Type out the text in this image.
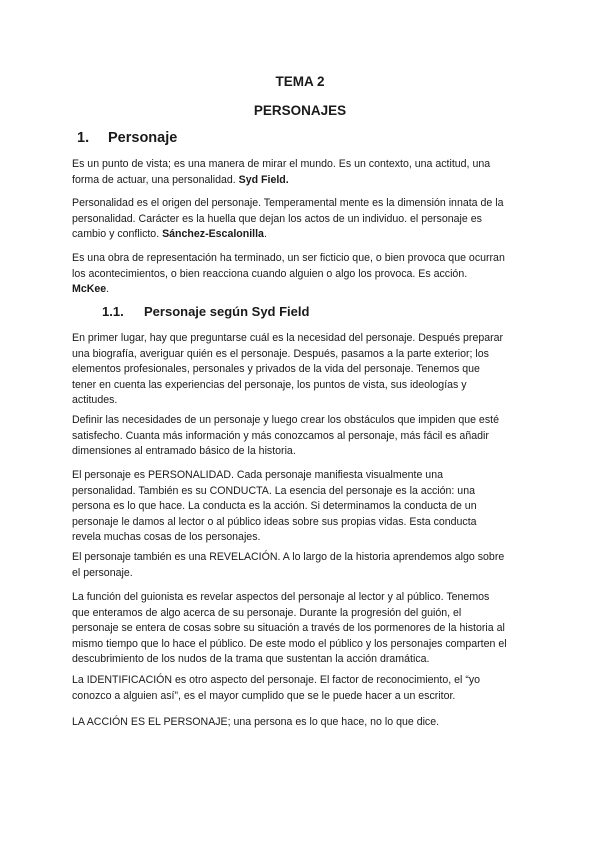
TEMA 2
PERSONAJES
1. Personaje
Es un punto de vista; es una manera de mirar el mundo. Es un contexto, una actitud, una
forma de actuar, una personalidad. Syd Field.
Personalidad es el origen del personaje. Temperamental mente es la dimensión innata de la
personalidad. Carácter es la huella que dejan los actos de un individuo. el personaje es
cambio y conflicto. Sánchez-Escalonilla.
Es una obra de representación ha terminado, un ser ficticio que, o bien provoca que ocurran
los acontecimientos, o bien reacciona cuando alguien o algo los provoca. Es acción.
McKee.
1.1. Personaje según Syd Field
En primer lugar, hay que preguntarse cuál es la necesidad del personaje. Después preparar
una biografía, averiguar quién es el personaje. Después, pasamos a la parte exterior; los
elementos profesionales, personales y privados de la vida del personaje. Tenemos que
tener en cuenta las experiencias del personaje, los puntos de vista, sus ideologías y
actitudes.
Definir las necesidades de un personaje y luego crear los obstáculos que impiden que esté
satisfecho. Cuanta más información y más conozcamos al personaje, más fácil es añadir
dimensiones al entramado básico de la historia.
El personaje es PERSONALIDAD. Cada personaje manifiesta visualmente una
personalidad. También es su CONDUCTA. La esencia del personaje es la acción: una
persona es lo que hace. La conducta es la acción. Si determinamos la conducta de un
personaje le damos al lector o al público ideas sobre sus propias vidas. Esta conducta
revela muchas cosas de los personajes.
El personaje también es una REVELACIÓN. A lo largo de la historia aprendemos algo sobre
el personaje.
La función del guionista es revelar aspectos del personaje al lector y al público. Tenemos
que enteramos de algo acerca de su personaje. Durante la progresión del guión, el
personaje se entera de cosas sobre su situación a través de los pormenores de la historia al
mismo tiempo que lo hace el público. De este modo el público y los personajes comparten el
descubrimiento de los nudos de la trama que sustentan la acción dramática.
La IDENTIFICACIÓN es otro aspecto del personaje. El factor de reconocimiento, el “yo
conozco a alguien así”, es el mayor cumplido que se le puede hacer a un escritor.
LA ACCIÓN ES EL PERSONAJE; una persona es lo que hace, no lo que dice.
